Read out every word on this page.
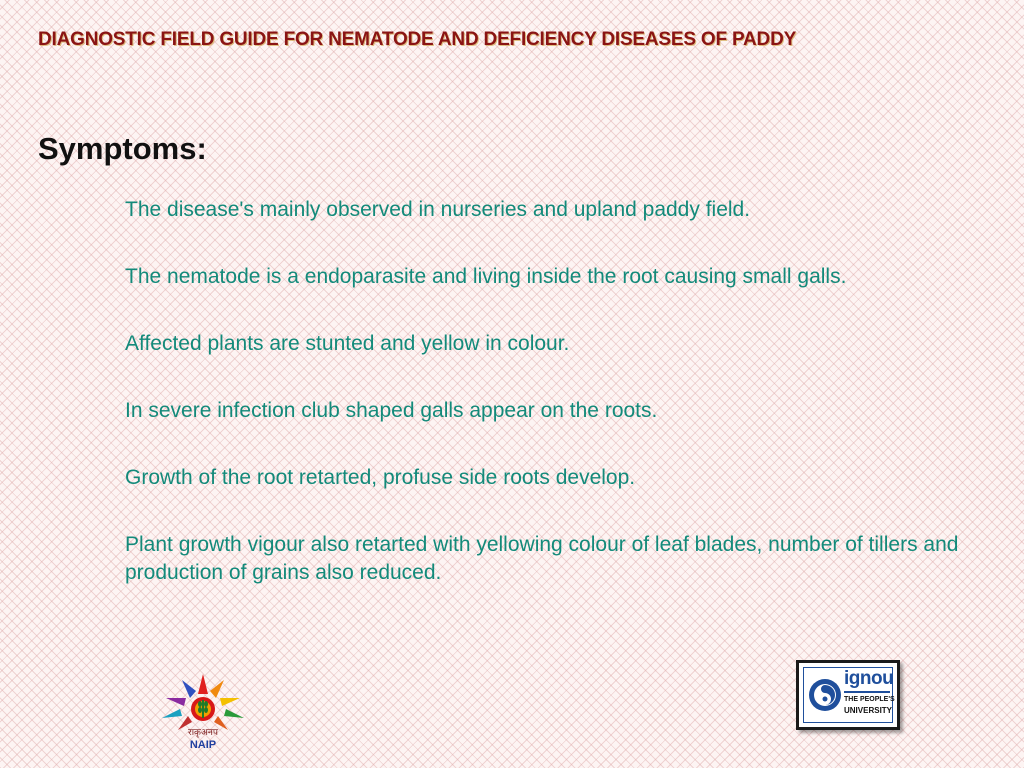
DIAGNOSTIC FIELD GUIDE FOR NEMATODE AND DEFICIENCY DISEASES OF PADDY
Symptoms:
The disease's mainly observed in nurseries and upland paddy field.
The nematode is a endoparasite and living inside the root causing small galls.
Affected plants are stunted and yellow in colour.
In severe infection club shaped galls appear on the roots.
Growth of the root retarted, profuse side roots develop.
Plant growth vigour also retarted with yellowing colour of leaf blades, number of tillers and production of grains also reduced.
राकृअनप
NAIP
ignou
THE PEOPLE'S
UNIVERSITY
